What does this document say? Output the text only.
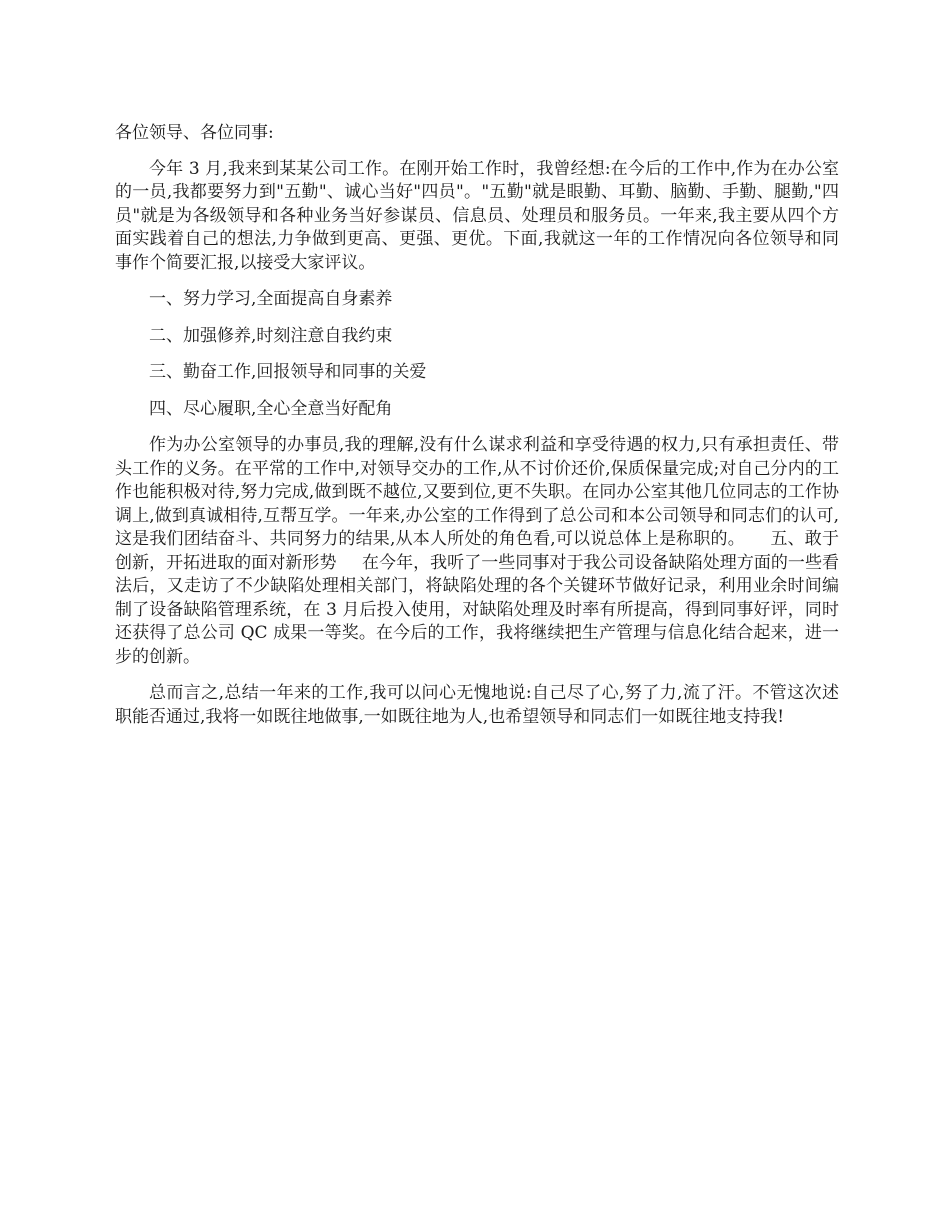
各位领导、各位同事:

今年 3 月,我来到某某公司工作。在刚开始工作时，我曾经想:在今后的工作中,作为在办公室的一员,我都要努力到"五勤"、诚心当好"四员"。"五勤"就是眼勤、耳勤、脑勤、手勤、腿勤,"四员"就是为各级领导和各种业务当好参谋员、信息员、处理员和服务员。一年来,我主要从四个方面实践着自己的想法,力争做到更高、更强、更优。下面,我就这一年的工作情况向各位领导和同事作个简要汇报,以接受大家评议。

一、努力学习,全面提高自身素养

二、加强修养,时刻注意自我约束

三、勤奋工作,回报领导和同事的关爱

四、尽心履职,全心全意当好配角

作为办公室领导的办事员,我的理解,没有什么谋求利益和享受待遇的权力,只有承担责任、带头工作的义务。在平常的工作中,对领导交办的工作,从不讨价还价,保质保量完成;对自己分内的工作也能积极对待,努力完成,做到既不越位,又要到位,更不失职。在同办公室其他几位同志的工作协调上,做到真诚相待,互帮互学。一年来,办公室的工作得到了总公司和本公司领导和同志们的认可,这是我们团结奋斗、共同努力的结果,从本人所处的角色看,可以说总体上是称职的。 五、敢于创新，开拓进取的面对新形势 在今年，我听了一些同事对于我公司设备缺陷处理方面的一些看法后，又走访了不少缺陷处理相关部门，将缺陷处理的各个关键环节做好记录，利用业余时间编制了设备缺陷管理系统，在 3 月后投入使用，对缺陷处理及时率有所提高，得到同事好评，同时还获得了总公司 QC 成果一等奖。在今后的工作，我将继续把生产管理与信息化结合起来，进一步的创新。

总而言之,总结一年来的工作,我可以问心无愧地说:自己尽了心,努了力,流了汗。不管这次述职能否通过,我将一如既往地做事,一如既往地为人,也希望领导和同志们一如既往地支持我!
